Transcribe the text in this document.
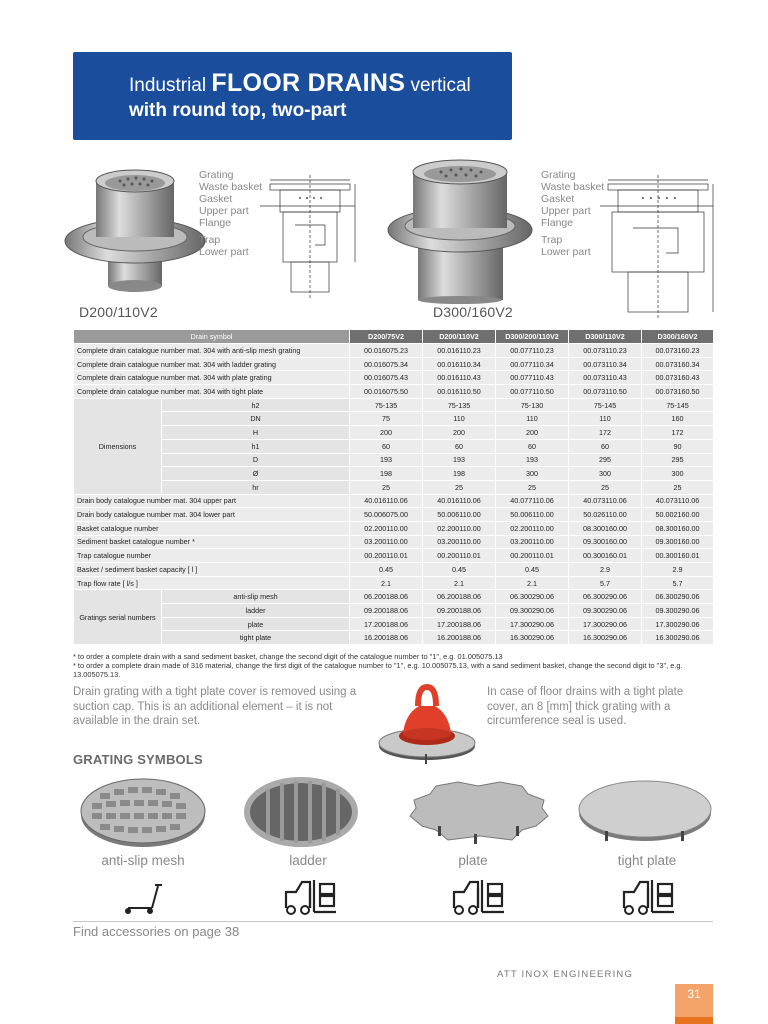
Industrial FLOOR DRAINS vertical
with round top, two-part
Grating
Waste basket
Gasket
Upper part
Flange
Trap
Lower part
D200/110V2
Grating
Waste basket
Gasket
Upper part
Flange
Trap
Lower part
D300/160V2
Drain symbol		D200/75V2	D200/110V2	D300/200/110V2	D300/110V2	D300/160V2
Complete drain catalogue number mat. 304 with anti-slip mesh grating		00.016075.23	00.016110.23	00.077110.23	00.073110.23	00.073160.23
Complete drain catalogue number mat. 304 with ladder grating		00.016075.34	00.016110.34	00.077110.34	00.073110.34	00.073160.34
Complete drain catalogue number mat. 304 with plate grating		00.016075.43	00.016110.43	00.077110.43	00.073110.43	00.073160.43
Complete drain catalogue number mat. 304 with tight plate		00.016075.50	00.016110.50	00.077110.50	00.073110.50	00.073160.50
Dimensions	h2	75-135	75-135	75-130	75-145	75-145
	DN	75	110	110	110	160
	H	200	200	200	172	172
	h1	60	60	60	60	90
	D	193	193	193	295	295
	Ø	198	198	300	300	300
	hr	25	25	25	25	25
Drain body catalogue number mat. 304 upper part		40.016110.06	40.016110.06	40.077110.06	40.073110.06	40.073110.06
Drain body catalogue number mat. 304 lower part		50.006075.00	50.006110.00	50.006110.00	50.026110.00	50.002160.00
Basket catalogue number		02.200110.00	02.200110.00	02.200110.00	08.300160.00	08.300160.00
Sediment basket catalogue number *		03.200110.00	03.200110.00	03.200110.00	09.300160.00	09.300160.00
Trap catalogue number		00.200110.01	00.200110.01	00.200110.01	00.300160.01	00.300160.01
Basket / sediment basket capacity [ l ]		0.45	0.45	0.45	2.9	2.9
Trap flow rate [ l/s ]		2.1	2.1	2.1	5.7	5.7
Gratings serial numbers	anti-slip mesh	06.200188.06	06.200188.06	06.300290.06	06.300290.06	06.300290.06
	ladder	09.200188.06	09.200188.06	09.300290.06	09.300290.06	09.300290.06
	plate	17.200188.06	17.200188.06	17.300290.06	17.300290.06	17.300290.06
	tight plate	16.200188.06	16.200188.06	16.300290.06	16.300290.06	16.300290.06
* to order a complete drain with a sand sediment basket, change the second digit of the catalogue number to "1", e.g. 01.005075.13
* to order a complete drain made of 316 material, change the first digit of the catalogue number to "1", e.g. 10.005075.13, with a sand sediment basket, change the second digit to "3", e.g. 13.005075.13.
Drain grating with a tight plate cover is removed using a suction cap. This is an additional element – it is not available in the drain set.
In case of floor drains with a tight plate cover, an 8 [mm] thick grating with a circumference seal is used.
GRATING SYMBOLS
anti-slip mesh	ladder	plate	tight plate
Find accessories on page 38
ATT INOX ENGINEERING
31
